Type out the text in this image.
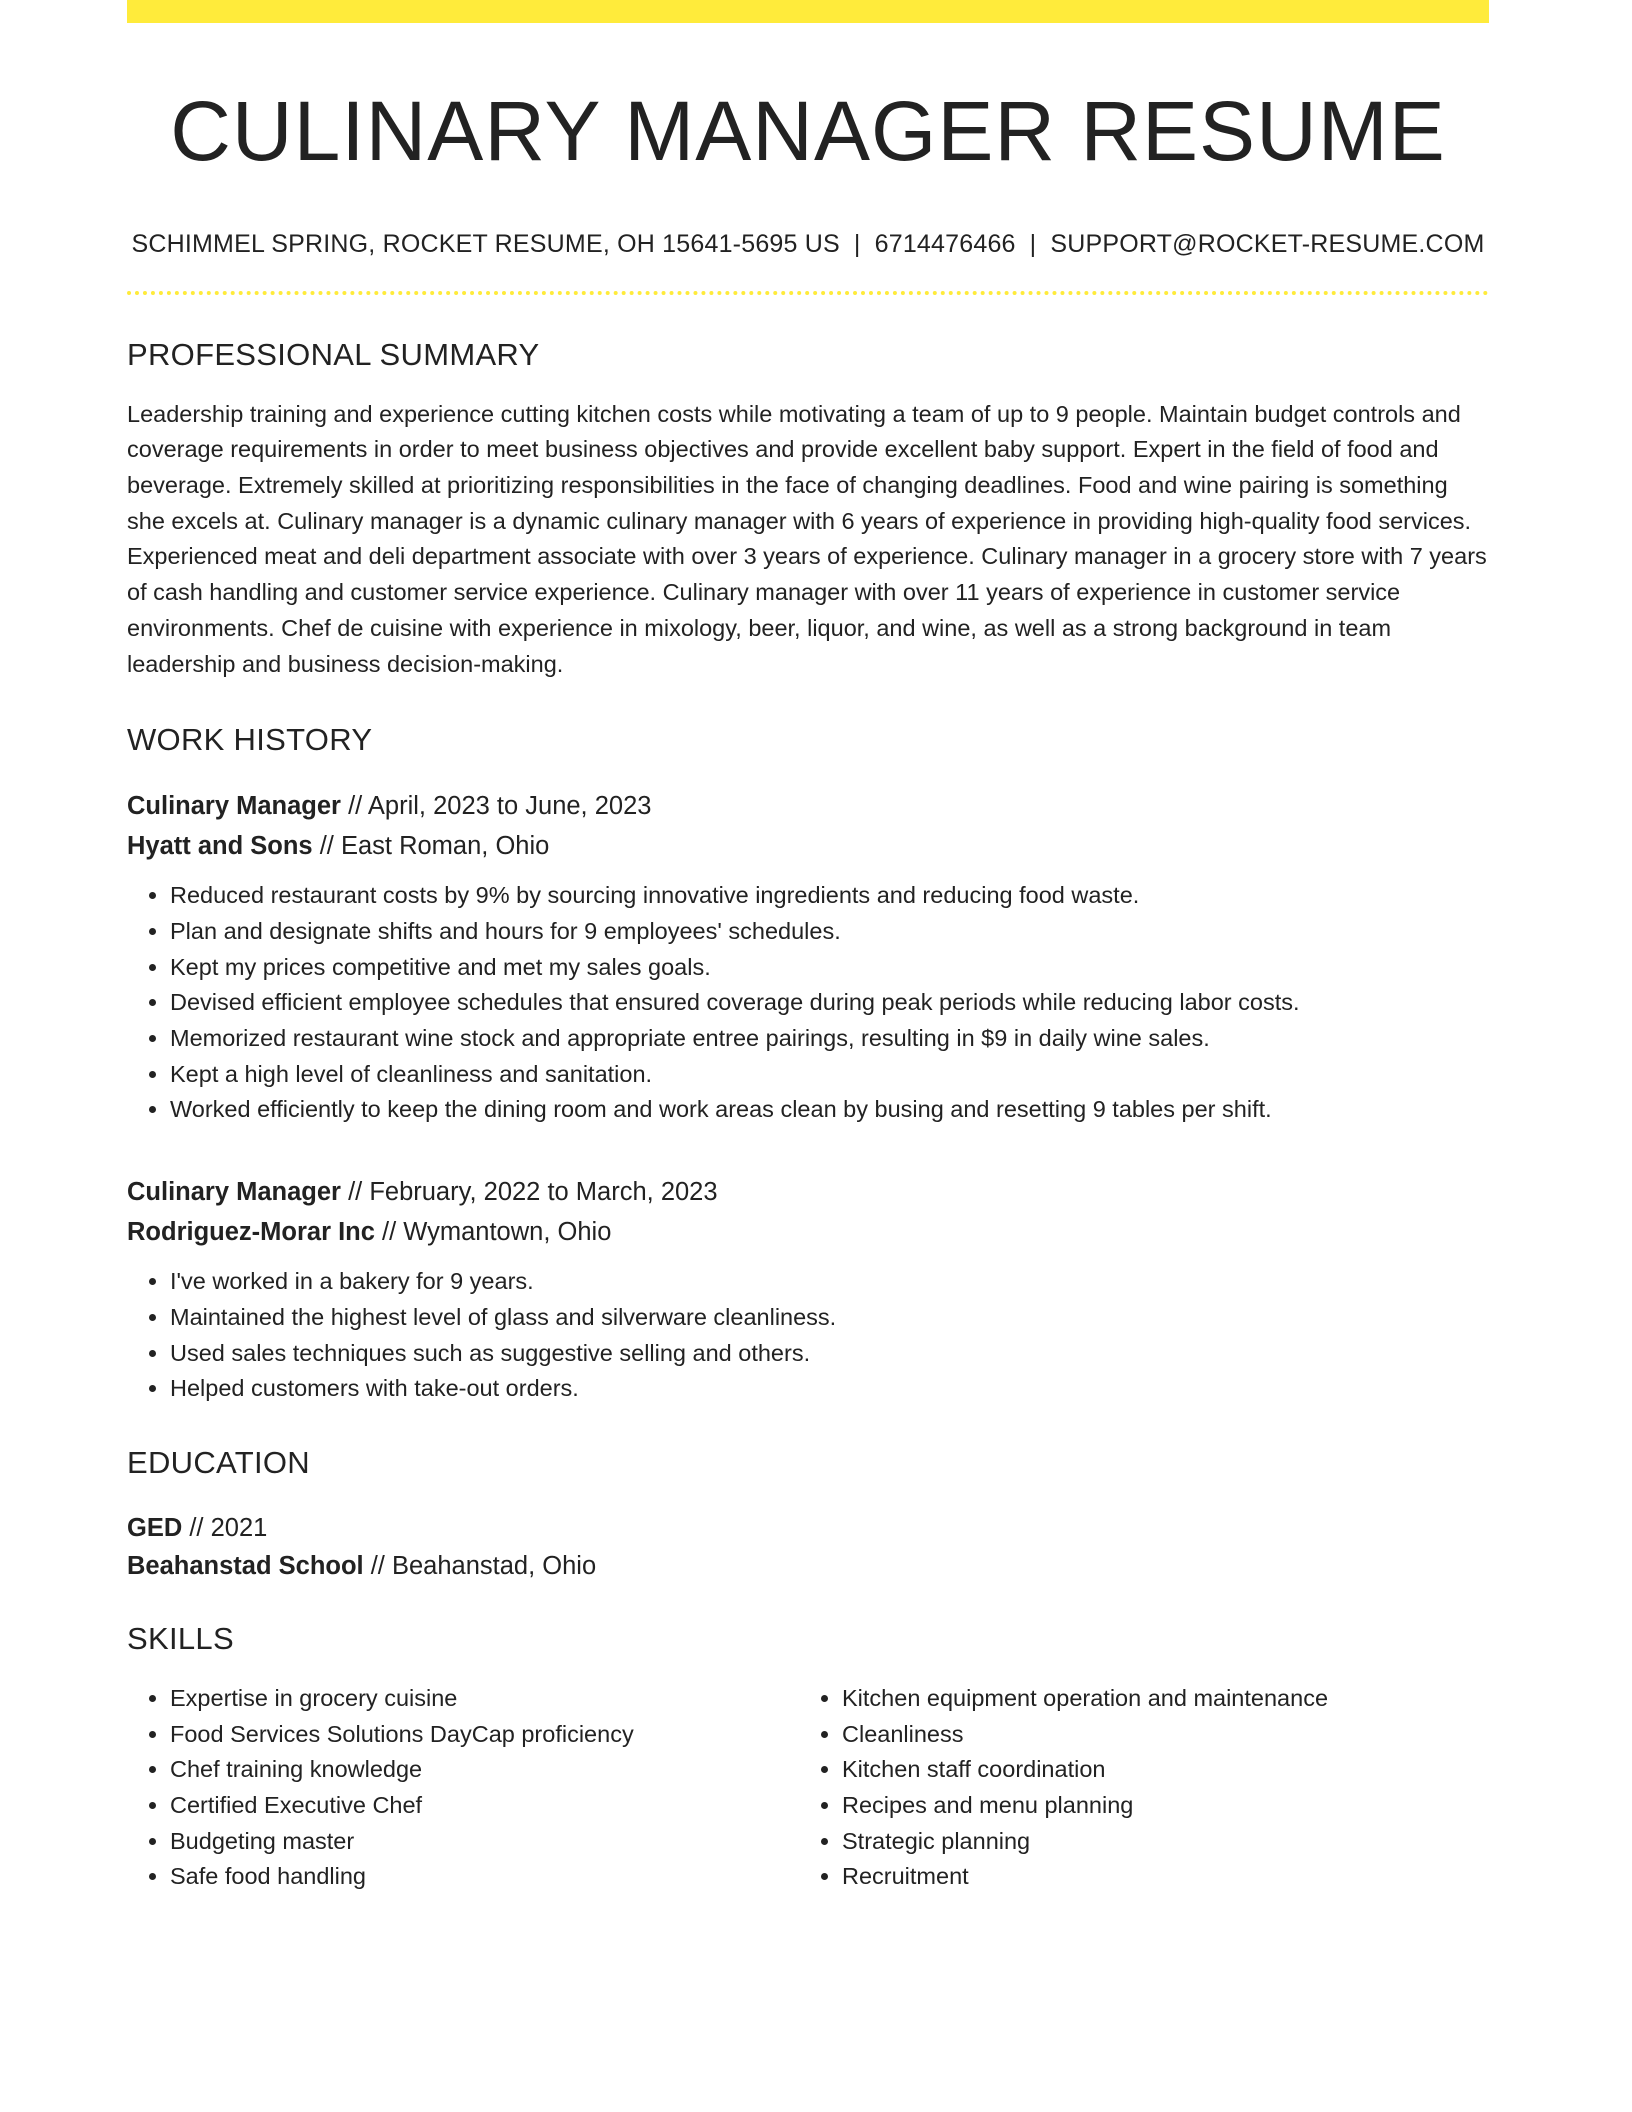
CULINARY MANAGER RESUME
SCHIMMEL SPRING, ROCKET RESUME, OH 15641-5695 US | 6714476466 | SUPPORT@ROCKET-RESUME.COM
PROFESSIONAL SUMMARY

Leadership training and experience cutting kitchen costs while motivating a team of up to 9 people. Maintain budget controls and coverage requirements in order to meet business objectives and provide excellent baby support. Expert in the field of food and beverage. Extremely skilled at prioritizing responsibilities in the face of changing deadlines. Food and wine pairing is something she excels at. Culinary manager is a dynamic culinary manager with 6 years of experience in providing high-quality food services. Experienced meat and deli department associate with over 3 years of experience. Culinary manager in a grocery store with 7 years of cash handling and customer service experience. Culinary manager with over 11 years of experience in customer service environments. Chef de cuisine with experience in mixology, beer, liquor, and wine, as well as a strong background in team leadership and business decision-making.

WORK HISTORY
Culinary Manager // April, 2023 to June, 2023
Hyatt and Sons // East Roman, Ohio
• Reduced restaurant costs by 9% by sourcing innovative ingredients and reducing food waste.
• Plan and designate shifts and hours for 9 employees' schedules.
• Kept my prices competitive and met my sales goals.
• Devised efficient employee schedules that ensured coverage during peak periods while reducing labor costs.
• Memorized restaurant wine stock and appropriate entree pairings, resulting in $9 in daily wine sales.
• Kept a high level of cleanliness and sanitation.
• Worked efficiently to keep the dining room and work areas clean by busing and resetting 9 tables per shift.
Culinary Manager // February, 2022 to March, 2023
Rodriguez-Morar Inc // Wymantown, Ohio
• I've worked in a bakery for 9 years.
• Maintained the highest level of glass and silverware cleanliness.
• Used sales techniques such as suggestive selling and others.
• Helped customers with take-out orders.
EDUCATION
GED // 2021
Beahanstad School // Beahanstad, Ohio
SKILLS
• Expertise in grocery cuisine
• Food Services Solutions DayCap proficiency
• Chef training knowledge
• Certified Executive Chef
• Budgeting master
• Safe food handling
• Kitchen equipment operation and maintenance
• Cleanliness
• Kitchen staff coordination
• Recipes and menu planning
• Strategic planning
• Recruitment
